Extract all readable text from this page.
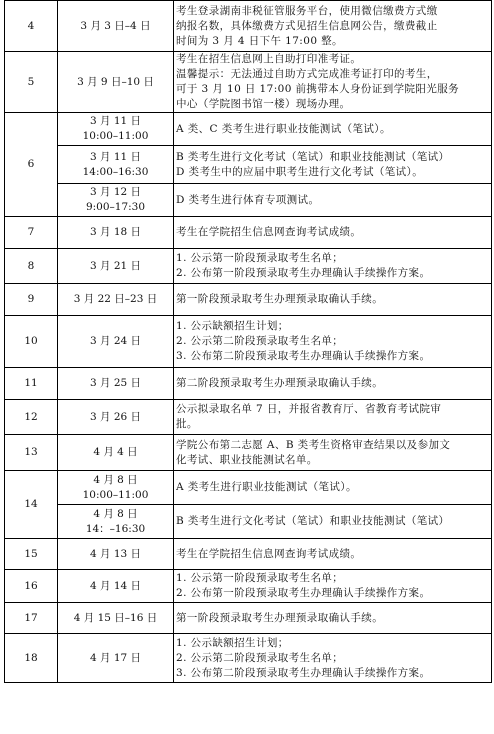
4	3 月 3 日–4 日	考生登录湖南非税征管服务平台，使用微信缴费方式缴
纳报名数，具体缴费方式见招生信息网公告，缴费截止
时间为 3 月 4 日下午 17:00 整。

5	3 月 9 日–10 日	考生在招生信息网上自助打印准考证。
温馨提示：无法通过自助方式完成准考证打印的考生，
可于 3 月 10 日 17:00 前携带本人身份证到学院阳光服务
中心（学院图书馆一楼）现场办理。

6	3 月 11 日
10:00–11:00	A 类、C 类考生进行职业技能测试（笔试）。

	3 月 11 日
14:00–16:30	B 类考生进行文化考试（笔试）和职业技能测试（笔试）
D 类考生中的应届中职考生进行文化考试（笔试）。

	3 月 12 日
9:00–17:30	D 类考生进行体育专项测试。

7	3 月 18 日	考生在学院招生信息网查询考试成绩。

8	3 月 21 日	1. 公示第一阶段预录取考生名单；
2. 公布第一阶段预录取考生办理确认手续操作方案。

9	3 月 22 日–23 日	第一阶段预录取考生办理预录取确认手续。

10	3 月 24 日	1. 公示缺额招生计划；
2. 公示第二阶段预录取考生名单；
3. 公布第二阶段预录取考生办理确认手续操作方案。

11	3 月 25 日	第二阶段预录取考生办理预录取确认手续。

12	3 月 26 日	公示拟录取名单 7 日，并报省教育厅、省教育考试院审
批。

13	4 月 4 日	学院公布第二志愿 A、B 类考生资格审查结果以及参加文
化考试、职业技能测试名单。

14	4 月 8 日
10:00–11:00	A 类考生进行职业技能测试（笔试）。

	4 月 8 日
14：–16:30	B 类考生进行文化考试（笔试）和职业技能测试（笔试）

15	4 月 13 日	考生在学院招生信息网查询考试成绩。

16	4 月 14 日	1. 公示第一阶段预录取考生名单；
2. 公布第一阶段预录取考生办理确认手续操作方案。

17	4 月 15 日–16 日	第一阶段预录取考生办理预录取确认手续。

18	4 月 17 日	1. 公示缺额招生计划；
2. 公示第二阶段预录取考生名单；
3. 公布第二阶段预录取考生办理确认手续操作方案。
